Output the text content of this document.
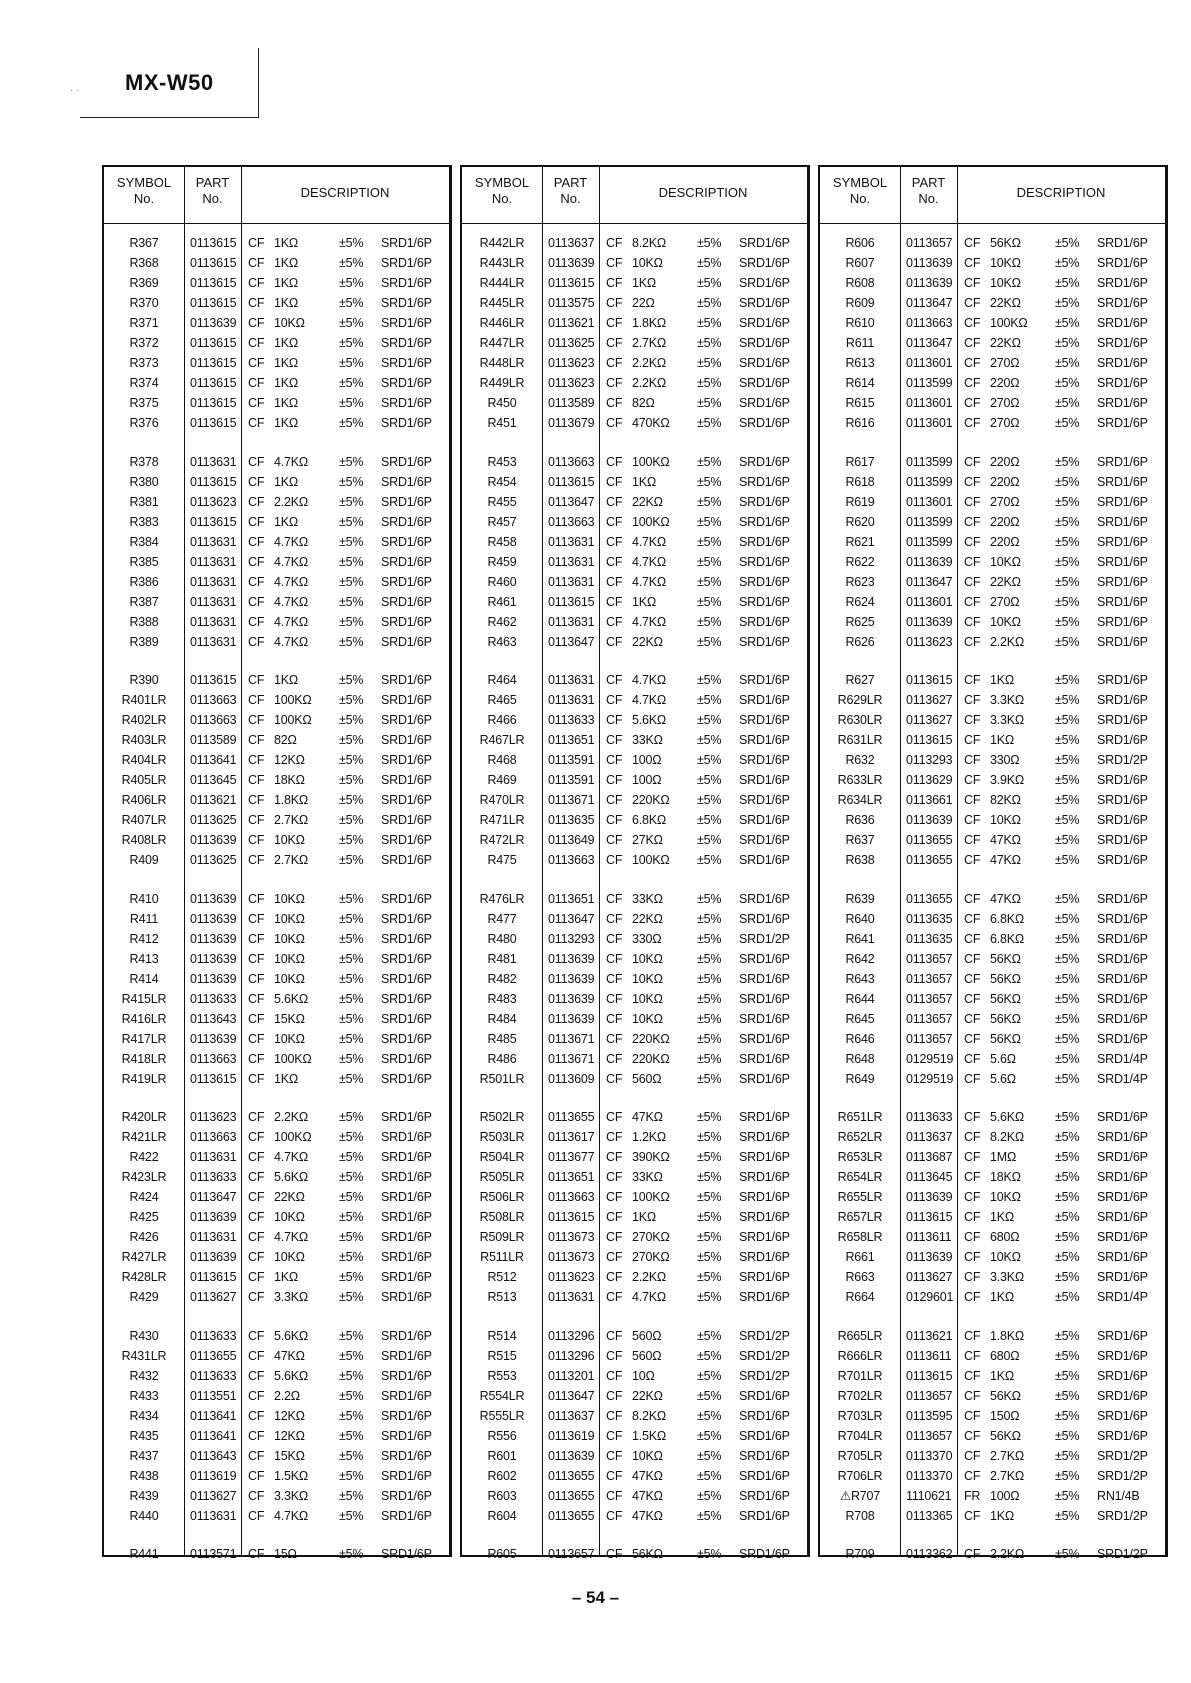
· · MX-W50
SYMBOL
No.
PART
No.	DESCRIPTION
R367	0113615 CF 1KΩ	±5% SRD1/6P
R368	0113615 CF 1KΩ	±5% SRD1/6P
R369	0113615 CF 1KΩ	±5% SRD1/6P
R370	0113615 CF 1KΩ	±5% SRD1/6P
R371	0113639 CF 10KΩ	±5% SRD1/6P
R372	0113615 CF 1KΩ	±5% SRD1/6P
R373	0113615 CF 1KΩ	±5% SRD1/6P
R374	0113615 CF 1KΩ	±5% SRD1/6P
R375	0113615 CF 1KΩ	±5% SRD1/6P
R376	0113615 CF 1KΩ	±5% SRD1/6P
R378	0113631 CF 4.7KΩ ±5% SRD1/6P
R380	0113615 CF 1KΩ	±5% SRD1/6P
R381	0113623 CF 2.2KΩ ±5% SRD1/6P
R383	0113615 CF 1KΩ	±5% SRD1/6P
R384	0113631 CF 4.7KΩ ±5% SRD1/6P
R385	0113631 CF 4.7KΩ ±5% SRD1/6P
R386	0113631 CF 4.7KΩ ±5% SRD1/6P
R387	0113631 CF 4.7KΩ ±5% SRD1/6P
R388	0113631 CF 4.7KΩ ±5% SRD1/6P
R389	0113631 CF 4.7KΩ ±5% SRD1/6P
R390	0113615 CF 1KΩ	±5% SRD1/6P
R401LR	0113663 CF 100KΩ ±5% SRD1/6P
R402LR	0113663 CF 100KΩ ±5% SRD1/6P
R403LR	0113589 CF 82Ω	±5% SRD1/6P
R404LR	0113641 CF 12KΩ	±5% SRD1/6P
R405LR	0113645 CF 18KΩ	±5% SRD1/6P
R406LR	0113621 CF 1.8KΩ ±5% SRD1/6P
R407LR	0113625 CF 2.7KΩ ±5% SRD1/6P
R408LR	0113639 CF 10KΩ	±5% SRD1/6P
R409	0113625 CF 2.7KΩ ±5% SRD1/6P
R410	0113639 CF 10KΩ	±5% SRD1/6P
R411	0113639 CF 10KΩ	±5% SRD1/6P
R412	0113639 CF 10KΩ	±5% SRD1/6P
R413	0113639 CF 10KΩ	±5% SRD1/6P
R414	0113639 CF 10KΩ	±5% SRD1/6P
R415LR	0113633 CF 5.6KΩ ±5% SRD1/6P
R416LR	0113643 CF 15KΩ	±5% SRD1/6P
R417LR	0113639 CF 10KΩ	±5% SRD1/6P
R418LR	0113663 CF 100KΩ ±5% SRD1/6P
R419LR	0113615 CF 1KΩ	±5% SRD1/6P
R420LR	0113623 CF 2.2KΩ ±5% SRD1/6P
R421LR	0113663 CF 100KΩ ±5% SRD1/6P
R422	0113631 CF 4.7KΩ ±5% SRD1/6P
R423LR	0113633 CF 5.6KΩ ±5% SRD1/6P
R424	0113647 CF 22KΩ	±5% SRD1/6P
R425	0113639 CF 10KΩ	±5% SRD1/6P
R426	0113631 CF 4.7KΩ ±5% SRD1/6P
R427LR	0113639 CF 10KΩ	±5% SRD1/6P
R428LR	0113615 CF 1KΩ	±5% SRD1/6P
R429	0113627 CF 3.3KΩ ±5% SRD1/6P
R430	0113633 CF 5.6KΩ ±5% SRD1/6P
R431LR	0113655 CF 47KΩ	±5% SRD1/6P
R432	0113633 CF 5.6KΩ ±5% SRD1/6P
R433	0113551 CF 2.2Ω	±5% SRD1/6P
R434	0113641 CF 12KΩ	±5% SRD1/6P
R435	0113641 CF 12KΩ	±5% SRD1/6P
R437	0113643 CF 15KΩ	±5% SRD1/6P
R438	0113619 CF 1.5KΩ ±5% SRD1/6P
R439	0113627 CF 3.3KΩ ±5% SRD1/6P
R440	0113631 CF 4.7KΩ ±5% SRD1/6P
R441	0113571 CF 15Ω	±5% SRD1/6P
SYMBOL
No.
PART
No.	DESCRIPTION
R442LR	0113637 CF 8.2KΩ ±5% SRD1/6P
R443LR	0113639 CF 10KΩ	±5% SRD1/6P
R444LR	0113615 CF 1KΩ	±5% SRD1/6P
R445LR	0113575 CF 22Ω	±5% SRD1/6P
R446LR	0113621 CF 1.8KΩ ±5% SRD1/6P
R447LR	0113625 CF 2.7KΩ ±5% SRD1/6P
R448LR	0113623 CF 2.2KΩ ±5% SRD1/6P
R449LR	0113623 CF 2.2KΩ ±5% SRD1/6P
R450	0113589 CF 82Ω	±5% SRD1/6P
R451	0113679 CF 470KΩ ±5% SRD1/6P
R453	0113663 CF 100KΩ ±5% SRD1/6P
R454	0113615 CF 1KΩ	±5% SRD1/6P
R455	0113647 CF 22KΩ	±5% SRD1/6P
R457	0113663 CF 100KΩ ±5% SRD1/6P
R458	0113631 CF 4.7KΩ ±5% SRD1/6P
R459	0113631 CF 4.7KΩ ±5% SRD1/6P
R460	0113631 CF 4.7KΩ ±5% SRD1/6P
R461	0113615 CF 1KΩ	±5% SRD1/6P
R462	0113631 CF 4.7KΩ ±5% SRD1/6P
R463	0113647 CF 22KΩ	±5% SRD1/6P
R464	0113631 CF 4.7KΩ ±5% SRD1/6P
R465	0113631 CF 4.7KΩ ±5% SRD1/6P
R466	0113633 CF 5.6KΩ ±5% SRD1/6P
R467LR	0113651 CF 33KΩ	±5% SRD1/6P
R468	0113591 CF 100Ω	±5% SRD1/6P
R469	0113591 CF 100Ω	±5% SRD1/6P
R470LR	0113671 CF 220KΩ ±5% SRD1/6P
R471LR	0113635 CF 6.8KΩ ±5% SRD1/6P
R472LR	0113649 CF 27KΩ	±5% SRD1/6P
R475	0113663 CF 100KΩ ±5% SRD1/6P
R476LR	0113651 CF 33KΩ	±5% SRD1/6P
R477	0113647 CF 22KΩ	±5% SRD1/6P
R480	0113293 CF 330Ω	±5% SRD1/2P
R481	0113639 CF 10KΩ	±5% SRD1/6P
R482	0113639 CF 10KΩ	±5% SRD1/6P
R483	0113639 CF 10KΩ	±5% SRD1/6P
R484	0113639 CF 10KΩ	±5% SRD1/6P
R485	0113671 CF 220KΩ ±5% SRD1/6P
R486	0113671 CF 220KΩ ±5% SRD1/6P
R501LR	0113609 CF 560Ω	±5% SRD1/6P
R502LR	0113655 CF 47KΩ	±5% SRD1/6P
R503LR	0113617 CF 1.2KΩ ±5% SRD1/6P
R504LR	0113677 CF 390KΩ ±5% SRD1/6P
R505LR	0113651 CF 33KΩ	±5% SRD1/6P
R506LR	0113663 CF 100KΩ ±5% SRD1/6P
R508LR	0113615 CF 1KΩ	±5% SRD1/6P
R509LR	0113673 CF 270KΩ ±5% SRD1/6P
R511LR	0113673 CF 270KΩ ±5% SRD1/6P
R512	0113623 CF 2.2KΩ ±5% SRD1/6P
R513	0113631 CF 4.7KΩ ±5% SRD1/6P
R514	0113296 CF 560Ω	±5% SRD1/2P
R515	0113296 CF 560Ω	±5% SRD1/2P
R553	0113201 CF 10Ω	±5% SRD1/2P
R554LR	0113647 CF 22KΩ	±5% SRD1/6P
R555LR	0113637 CF 8.2KΩ ±5% SRD1/6P
R556	0113619 CF 1.5KΩ ±5% SRD1/6P
R601	0113639 CF 10KΩ	±5% SRD1/6P
R602	0113655 CF 47KΩ	±5% SRD1/6P
R603	0113655 CF 47KΩ	±5% SRD1/6P
R604	0113655 CF 47KΩ	±5% SRD1/6P
R605	0113657 CF 56KΩ	±5% SRD1/6P
SYMBOL
No.
PART
No.	DESCRIPTION
R606	0113657 CF 56KΩ	±5% SRD1/6P
R607	0113639 CF 10KΩ	±5% SRD1/6P
R608	0113639 CF 10KΩ	±5% SRD1/6P
R609	0113647 CF 22KΩ	±5% SRD1/6P
R610	0113663 CF 100KΩ ±5% SRD1/6P
R611	0113647 CF 22KΩ	±5% SRD1/6P
R613	0113601 CF 270Ω	±5% SRD1/6P
R614	0113599 CF 220Ω	±5% SRD1/6P
R615	0113601 CF 270Ω	±5% SRD1/6P
R616	0113601 CF 270Ω	±5% SRD1/6P
R617	0113599 CF 220Ω	±5% SRD1/6P
R618	0113599 CF 220Ω	±5% SRD1/6P
R619	0113601 CF 270Ω	±5% SRD1/6P
R620	0113599 CF 220Ω	±5% SRD1/6P
R621	0113599 CF 220Ω	±5% SRD1/6P
R622	0113639 CF 10KΩ	±5% SRD1/6P
R623	0113647 CF 22KΩ	±5% SRD1/6P
R624	0113601 CF 270Ω	±5% SRD1/6P
R625	0113639 CF 10KΩ	±5% SRD1/6P
R626	0113623 CF 2.2KΩ ±5% SRD1/6P
R627	0113615 CF 1KΩ	±5% SRD1/6P
R629LR	0113627 CF 3.3KΩ ±5% SRD1/6P
R630LR	0113627 CF 3.3KΩ ±5% SRD1/6P
R631LR	0113615 CF 1KΩ	±5% SRD1/6P
R632	0113293 CF 330Ω	±5% SRD1/2P
R633LR	0113629 CF 3.9KΩ ±5% SRD1/6P
R634LR	0113661 CF 82KΩ	±5% SRD1/6P
R636	0113639 CF 10KΩ	±5% SRD1/6P
R637	0113655 CF 47KΩ	±5% SRD1/6P
R638	0113655 CF 47KΩ	±5% SRD1/6P
R639	0113655 CF 47KΩ	±5% SRD1/6P
R640	0113635 CF 6.8KΩ ±5% SRD1/6P
R641	0113635 CF 6.8KΩ ±5% SRD1/6P
R642	0113657 CF 56KΩ	±5% SRD1/6P
R643	0113657 CF 56KΩ	±5% SRD1/6P
R644	0113657 CF 56KΩ	±5% SRD1/6P
R645	0113657 CF 56KΩ	±5% SRD1/6P
R646	0113657 CF 56KΩ	±5% SRD1/6P
R648	0129519 CF 5.6Ω	±5% SRD1/4P
R649	0129519 CF 5.6Ω	±5% SRD1/4P
R651LR	0113633 CF 5.6KΩ ±5% SRD1/6P
R652LR	0113637 CF 8.2KΩ ±5% SRD1/6P
R653LR	0113687 CF 1MΩ	±5% SRD1/6P
R654LR	0113645 CF 18KΩ	±5% SRD1/6P
R655LR	0113639 CF 10KΩ	±5% SRD1/6P
R657LR	0113615 CF 1KΩ	±5% SRD1/6P
R658LR	0113611 CF 680Ω	±5% SRD1/6P
R661	0113639 CF 10KΩ	±5% SRD1/6P
R663	0113627 CF 3.3KΩ ±5% SRD1/6P
R664	0129601 CF 1KΩ	±5% SRD1/4P
R665LR	0113621 CF 1.8KΩ ±5% SRD1/6P
R666LR	0113611 CF 680Ω	±5% SRD1/6P
R701LR	0113615 CF 1KΩ	±5% SRD1/6P
R702LR	0113657 CF 56KΩ	±5% SRD1/6P
R703LR	0113595 CF 150Ω	±5% SRD1/6P
R704LR	0113657 CF 56KΩ	±5% SRD1/6P
R705LR	0113370 CF 2.7KΩ ±5% SRD1/2P
R706LR	0113370 CF 2.7KΩ ±5% SRD1/2P
⚠R707	1110621 FR 100Ω	±5% RN1/4B
R708	0113365 CF 1KΩ	±5% SRD1/2P
R709	0113362 CF 2.2KΩ ±5% SRD1/2P
– 54 –
